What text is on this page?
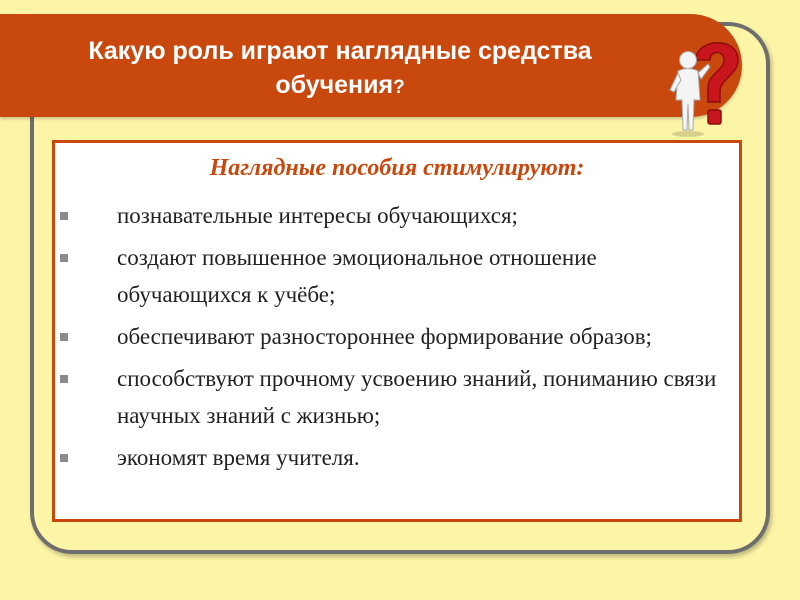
Какую роль играют наглядные средства обучения?
Наглядные пособия стимулируют:
познавательные интересы обучающихся;
создают повышенное эмоциональное отношение обучающихся к учёбе;
обеспечивают разностороннее формирование образов;
способствуют прочному усвоению знаний, пониманию связи научных знаний с жизнью;
экономят время учителя.
